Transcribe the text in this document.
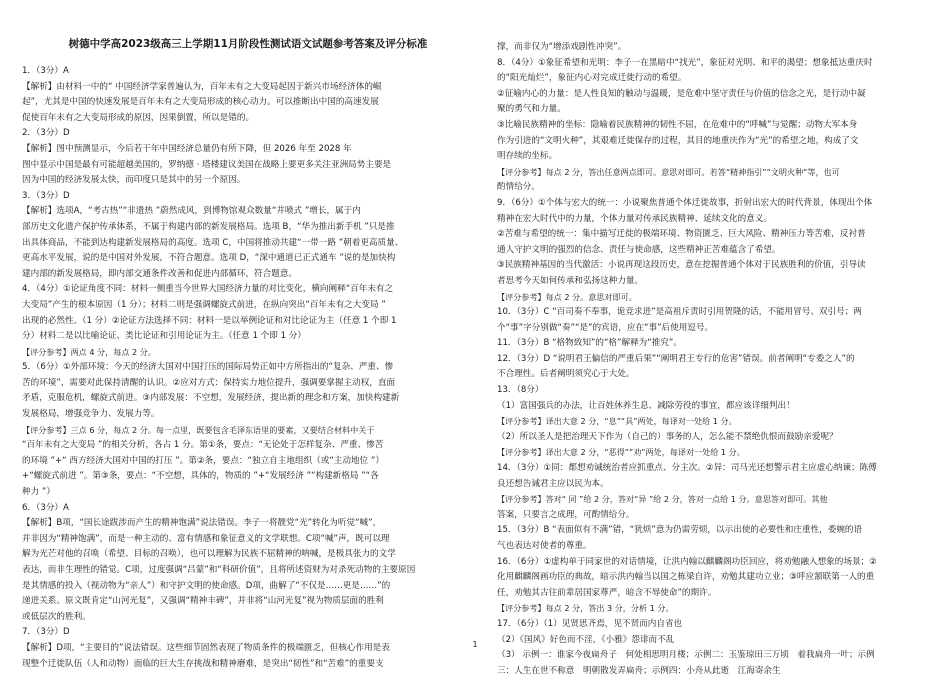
树德中学高2023级高三上学期11月阶段性测试语文试题参考答案及评分标准
1．（3分）A
【解析】由材料一中的“ 中国经济学家普遍认为，百年未有之大变局起因于新兴市场经济体的崛
起”，尤其是中国的快速发展是百年未有之大变局形成的核心动力。可以推断出中国的高速发展
促使百年未有之大变局形成的原因，因果倒置，所以是错的。
2．（3分）D
【解析】图中预测显示，今后若干年中国经济总量仍有所下降，但 2026 年至 2028 年
图中显示中国是最有可能超越美国的，罗纳德 · 塔楼建议美国在战略上要更多关注亚洲局势主要是
因为中国的经济发展太快，而印度只是其中的另一个原因。
3．（3分）D
【解析】选项A，“考古热”“非遗热 ”蔚然成风，到博物馆观众数量“井喷式 ”增长，属于内
部历史文化遗产保护传承体系，不属于构建内部的新发展格局。选项 B，“华为推出新手机 ”只是推
出具体商品，不能到达构建新发展格局的高度。选项 C，中国将推动共建“一带一路 ”朝着更高质量、
更高水平发展，说的是中国对外发展，不符合题意。选项 D，“深中通道已正式通车 ”说的是加快构
建内部的新发展格局，即内部交通条件改善和促进内部循环，符合题意。
4．（4分）①论证角度不同：材料一侧重当今世界大国经济力量的对比变化，横向阐释“百年未有之
大变局”产生的根本原因（1 分）；材料二则是强调螺旋式前进，在纵向突出“百年未有之大变局 ”
出现的必然性。（1 分）②论证方法选择不同：材料一是以举例论证和对比论证为主（任意 1 个即 1
分）材料二是以比喻论证、类比论证和引用论证为主。（任意 1 个即 1 分）
【评分参考】两点 4 分，每点 2 分。
5．（6分）①外部环境：今天的经济大国对中国打压的国际局势正如中方所指出的“复杂、严重、惨
苦的环境”，需要对此保持清醒的认识。②应对方式：保持实力地位提升，强调要掌握主动权，直面
矛盾，克服危机，螺旋式前进。③内部发展：不空想，发展经济，提出新的理念和方案，加快构建新
发展格局，增强竞争力、发展力等。
【评分参考】三点 6 分，每点 2 分。每一点里，既要包含毛泽东语里的要素，又要结合材料中关于
“百年未有之大变局 ”的相关分析，各占 1 分。第①条，要点：“无论处于怎样复杂、严重、惨苦
的环境 ”+“ 西方经济大国对中国的打压 ”。第②条，要点：“独立自主地组织（或“主动地位 ”）
+“螺旋式前进 ”。第③条，要点：“不空想，具体的，物质的 ”+“发展经济 ”“构建新格局 ”“各
种力 ”）
6．（3分）A
【解析】B项，“国长途跋涉而产生的精神饱满”说法错误。李子一将靓党“光”转化为听觉“喊”，
并非因为“精神饱满”，而是一种主动的、富有情感和象征意义的文学联想。C项“喊”声，既可以理
解为光芒对他的召唤（希望、目标的召唤），也可以理解为民族不屈精神的呐喊，是极具张力的文学
表达，而非生理性的错觉。C项，过度强调“吕蒙”和“科研价值”，且将所述资财为对杀死动物的主要原因
是其情感的投入（视动物为“亲人”）和守护文明的使命感。D项，曲解了“不仅是……更是……”的
递进关系。原文既肯定“山河光复”，又强调“精神丰碑”，并非将“山河光复”视为物质层面的胜利
或低层次的胜利。
7．（3分）D
【解析】D项，“主要目的”说法错误。这些细节固然表现了物质条件的极端匮乏，但核心作用是表
现整个迁徙队伍（人和动物）面临的巨大生存挑战和精神磨难，是突出“韧性”和“苦难”的重要支
撑，而非仅为“增添戏剧性冲突”。
8．（4分）①象征希望和光明：李子一在黑暗中“找光”，象征对光明、和平的渴望；想象抵达重庆时
的“阳光灿烂”，象征内心对完成迁徙行动的希望。
②征喻内心的力量：是人性良知的触动与温暖，是危难中坚守责任与价值的信念之光，是行动中凝
聚的勇气和力量。
③比喻民族精神的坐标：隐喻着民族精神的韧性不屈，在危难中的“呼喊”与觉醒；动物大军本身
作为引进的“文明火种”，其艰难迁徙保存的过程，其目的地重庆作为“光”的希望之地，构成了文
明存续的坐标。
【评分参考】每点 2 分，答出任意两点即可。意思对即可。若答“精神指引”“文明火种”等，也可
酌情给分。
9．（6分）①个体与宏大的统一：小说聚焦普通个体迁徙故事，折射出宏大的时代背景，体现出个体
精神在宏大时代中的力量，个体力量对传承民族精神、延续文化的意义。
②苦难与希望的统一：集中描写迁徙的极端环境、物资匮乏、巨大风险、精神压力等苦难，反衬普
通人守护文明的强烈的信念、责任与使命感，这些精神正苦难蕴含了希望。
③民族精神基因的当代激活：小说再现这段历史，意在挖掘普通个体对于民族胜利的价值，引导读
者思考今天如何传承和弘扬这种力量。
【评分参考】每点 2 分。意思对即可。
10．（3分）C “百司奏不奉事，诡竞求进”是高祖斥责时引用贺隆的话，不能用冒号、双引号；两
个“事”字分别做“奏”“是”的宾语，应在“事”后使用逗号。
11．（3分）B “格物致知”的“格”解释为“推究”。
12．（3分）D “说明君王偏信的严重后果”“阐明君王专行的危害”错误。前者阐明“专委之人”的
不合理性。后者阐明须究心于大处。
13．（8分）
（1）富国强兵的办法，让百姓休养生息、减除劳役的事宜，都应该详细判出！
【评分参考】译出大意 2 分，“息”“具”两处，每译对一处给 1 分。
（2）所以圣人是把治理天下作为（自己的）事务的人，怎么能不禁绝仇恨而鼓励亲爱呢？
【评分参考】译出大意 2 分，“恶得”“劝”两处，每译对一处给 1 分。
14．（3分）①同：都想劝诫统治者应抓重点、分主次。②异：司马光还想警示君主应虚心纳谏；陈傅
良还想告诫君主应以民为本。
【评分参考】答对“ 同 ”给 2 分，答对“异 ”给 2 分，答对一点给 1 分。意思答对即可。其他
答案，只要言之成理，可酌情给分。
15．（3分）B “表面似有不满”错，“犹烦”意为仍需劳烦，以示出使的必要性和庄重性，委婉的语
气也表达对使者的尊重。
16．（6分）①虚构单于同家世的对话情境，让洪内翰以麒麟阁功臣回应，将劝勉融入想象的场景；②
化用麒麟阁画功臣的典故，暗示洪内翰当以国之栋梁自许，劝勉其建功立业；③呼应颔联第一人的重
任，劝勉其古往前辈居国家尊严，暗含不辱使命”的期许。
【评分参考】每点 2 分，答出 3 分，分析 1 分。
17．（6分）（1）见贤思齐焉，见不贤而内自省也
（2）《国风》好色而不淫，《小雅》怨诽而不乱
（3） 示例一：谁家今夜扁舟子　何处相思明月楼；示例二：玉鉴琼田三万顷　着我扁舟一叶；示例
三：人生在世不称意　明朝散发弄扁舟；示例四：小舟从此逝　江海寄余生
1
